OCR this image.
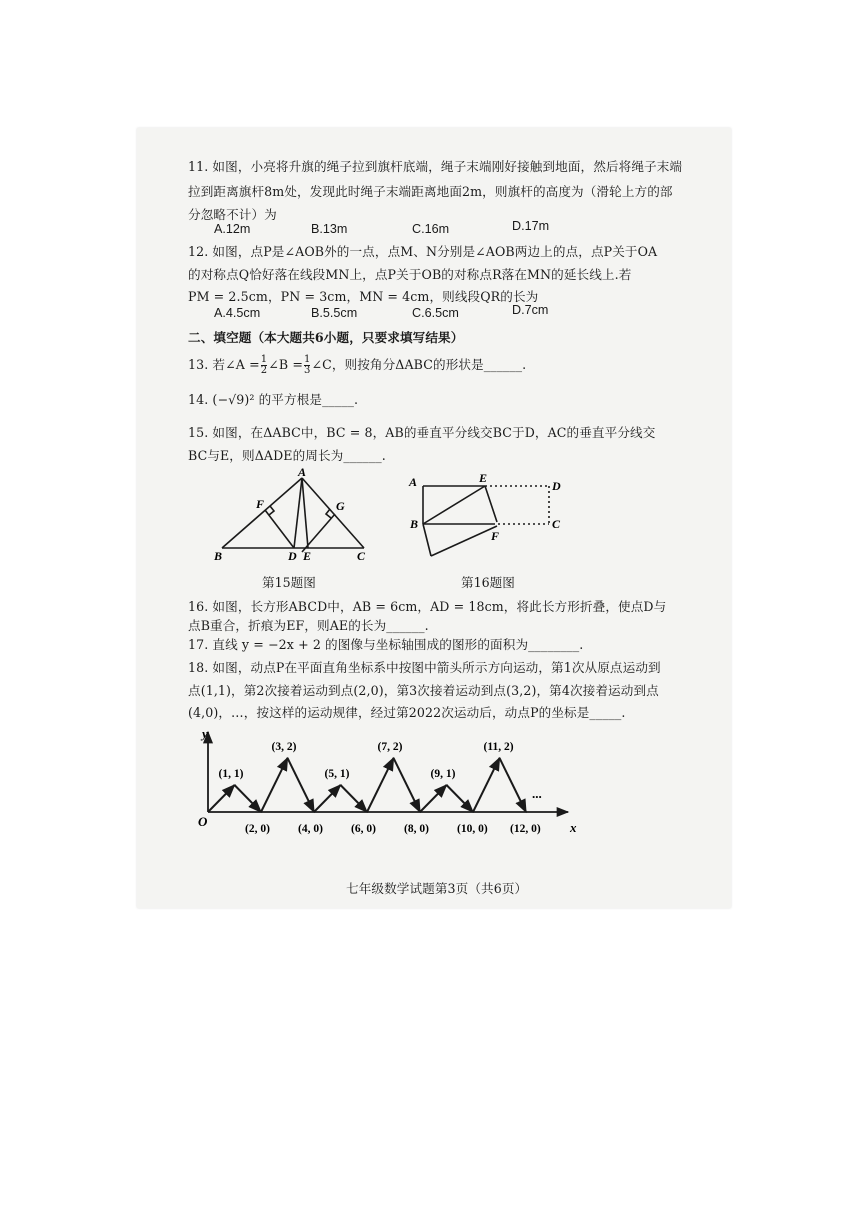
11. 如图，小亮将升旗的绳子拉到旗杆底端，绳子末端刚好接触到地面，然后将绳子末端
拉到距离旗杆8m处，发现此时绳子末端距离地面2m，则旗杆的高度为（滑轮上方的部
分忽略不计）为
A.12m	B.13m	C.16m	D.17m
12. 如图，点P是∠AOB外的一点，点M、N分别是∠AOB两边上的点，点P关于OA
的对称点Q恰好落在线段MN上，点P关于OB的对称点R落在MN的延长线上.若
PM = 2.5cm，PN = 3cm，MN = 4cm，则线段QR的长为
A.4.5cm	B.5.5cm	C.6.5cm	D.7cm
二、填空题（本大题共6小题，只要求填写结果）
13. 若∠A = $\frac{1}{2}$ ∠B = $\frac{1}{3}$ ∠C，则按角分ΔABC的形状是______.
14. (−√9)² 的平方根是_____.
15. 如图，在ΔABC中，BC = 8，AB的垂直平分线交BC于D，AC的垂直平分线交
BC与E，则ΔADE的周长为______.
A
F	G
B	D E	C
A	E
D
B
F
C
第15题图	第16题图
16. 如图，长方形ABCD中，AB = 6cm，AD = 18cm，将此长方形折叠，使点D与
点B重合，折痕为EF，则AE的长为______.
17. 直线 y = −2x + 2 的图像与坐标轴围成的图形的面积为________.
18. 如图，动点P在平面直角坐标系中按图中箭头所示方向运动，第1次从原点运动到
点(1,1)，第2次接着运动到点(2,0)，第3次接着运动到点(3,2)，第4次接着运动到点
(4,0)，…，按这样的运动规律，经过第2022次运动后，动点P的坐标是_____.
y
x
O
...
(1, 1)
(3, 2)
(5, 1)
(7, 2)
(9, 1)
(11, 2)
(2, 0) (4, 0) (6, 0) (8, 0) (10, 0) (12, 0)
七年级数学试题第3页（共6页）
